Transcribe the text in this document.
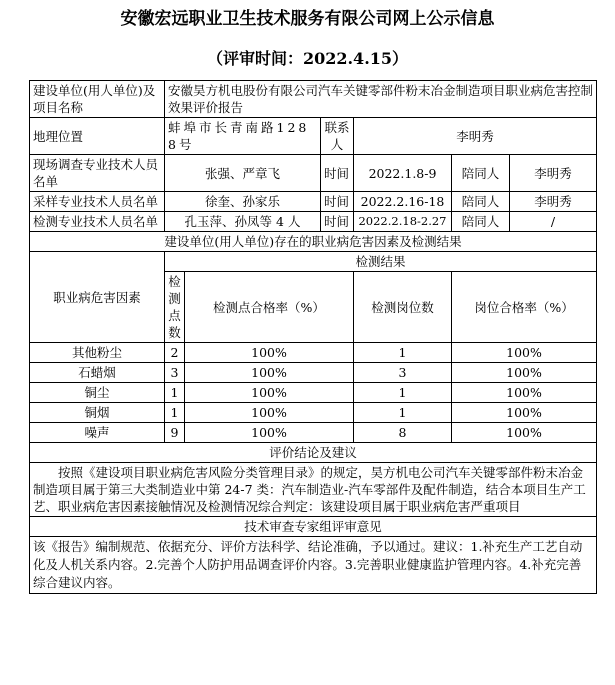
安徽宏远职业卫生技术服务有限公司网上公示信息
（评审时间：2022.4.15）
建设单位(用人单位)及项目名称	安徽昊方机电股份有限公司汽车关键零部件粉末冶金制造项目职业病危害控制效果评价报告					
地理位置	蚌埠市长青南路1288号		联系人	李明秀		
现场调查专业技术人员名单	张强、严章飞		时间	2022.1.8-9	陪同人	李明秀
采样专业技术人员名单	徐奎、孙家乐		时间	2022.2.16-18	陪同人	李明秀
检测专业技术人员名单	孔玉萍、孙凤等 4 人		时间	2022.2.18-2.27	陪同人	/
建设单位(用人单位)存在的职业病危害因素及检测结果						
职业病危害因素	检测结果					
	检测点数	检测点合格率（%）		检测岗位数	岗位合格率（%）	
其他粉尘	2	100%		1	100%	
石蜡烟	3	100%		3	100%	
铜尘	1	100%		1	100%	
铜烟	1	100%		1	100%	
噪声	9	100%		8	100%	
评价结论及建议						
按照《建设项目职业病危害风险分类管理目录》的规定，昊方机电公司汽车关键零部件粉末冶金制造项目属于第三大类制造业中第 24-7 类：汽车制造业-汽车零部件及配件制造，结合本项目生产工艺、职业病危害因素接触情况及检测情况综合判定：该建设项目属于职业病危害严重项目						
技术审查专家组评审意见						
该《报告》编制规范、依据充分、评价方法科学、结论准确，予以通过。建议：1.补充生产工艺自动化及人机关系内容。2.完善个人防护用品调查评价内容。3.完善职业健康监护管理内容。4.补充完善综合建议内容。						
